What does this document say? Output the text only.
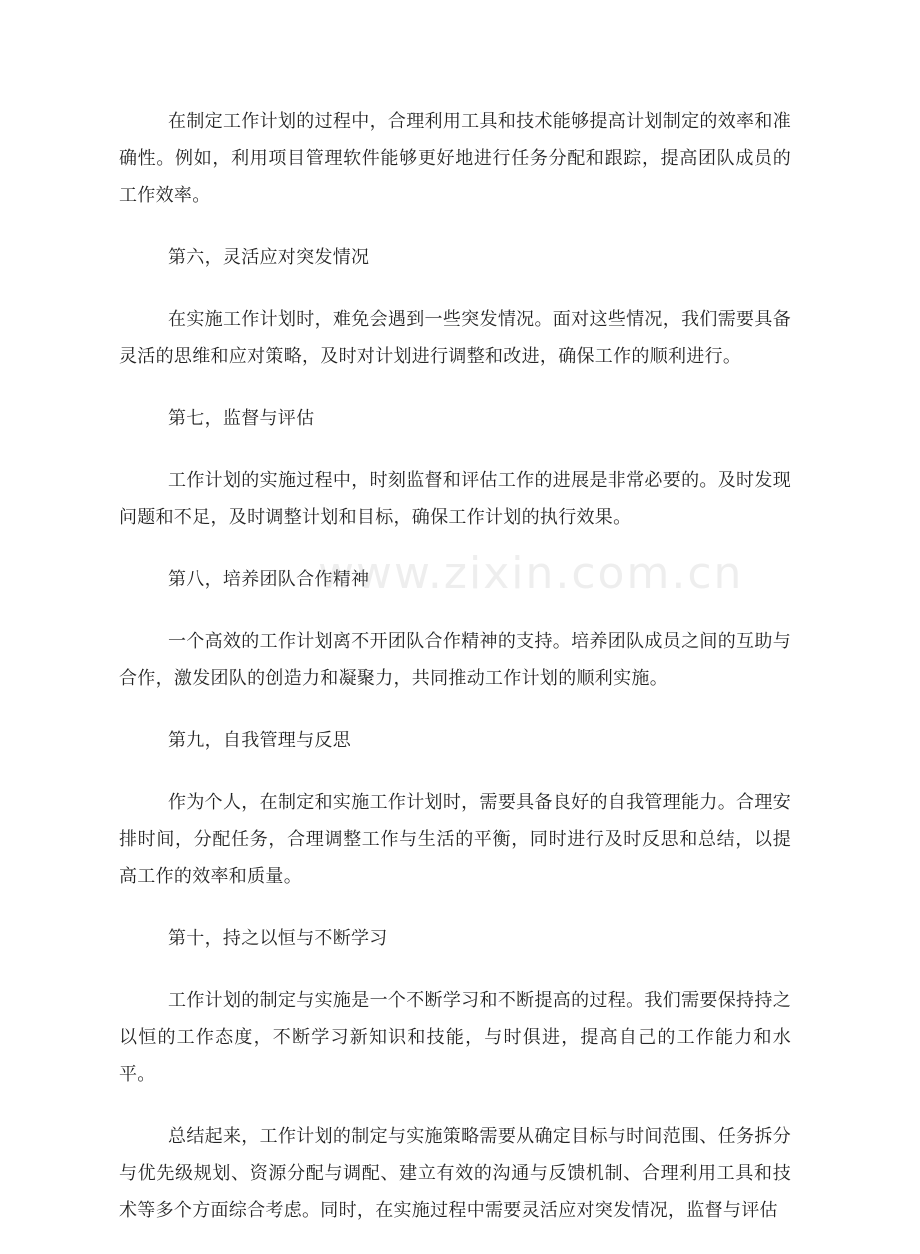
在制定工作计划的过程中，合理利用工具和技术能够提高计划制定的效率和准确性。例如，利用项目管理软件能够更好地进行任务分配和跟踪，提高团队成员的工作效率。

第六，灵活应对突发情况

在实施工作计划时，难免会遇到一些突发情况。面对这些情况，我们需要具备灵活的思维和应对策略，及时对计划进行调整和改进，确保工作的顺利进行。

第七，监督与评估

工作计划的实施过程中，时刻监督和评估工作的进展是非常必要的。及时发现问题和不足，及时调整计划和目标，确保工作计划的执行效果。

第八，培养团队合作精神

一个高效的工作计划离不开团队合作精神的支持。培养团队成员之间的互助与合作，激发团队的创造力和凝聚力，共同推动工作计划的顺利实施。

第九，自我管理与反思

作为个人，在制定和实施工作计划时，需要具备良好的自我管理能力。合理安排时间，分配任务，合理调整工作与生活的平衡，同时进行及时反思和总结，以提高工作的效率和质量。

第十，持之以恒与不断学习

工作计划的制定与实施是一个不断学习和不断提高的过程。我们需要保持持之以恒的工作态度，不断学习新知识和技能，与时俱进，提高自己的工作能力和水平。

总结起来，工作计划的制定与实施策略需要从确定目标与时间范围、任务拆分与优先级规划、资源分配与调配、建立有效的沟通与反馈机制、合理利用工具和技术等多个方面综合考虑。同时，在实施过程中需要灵活应对突发情况，监督与评估

www.zixin.com.cn
